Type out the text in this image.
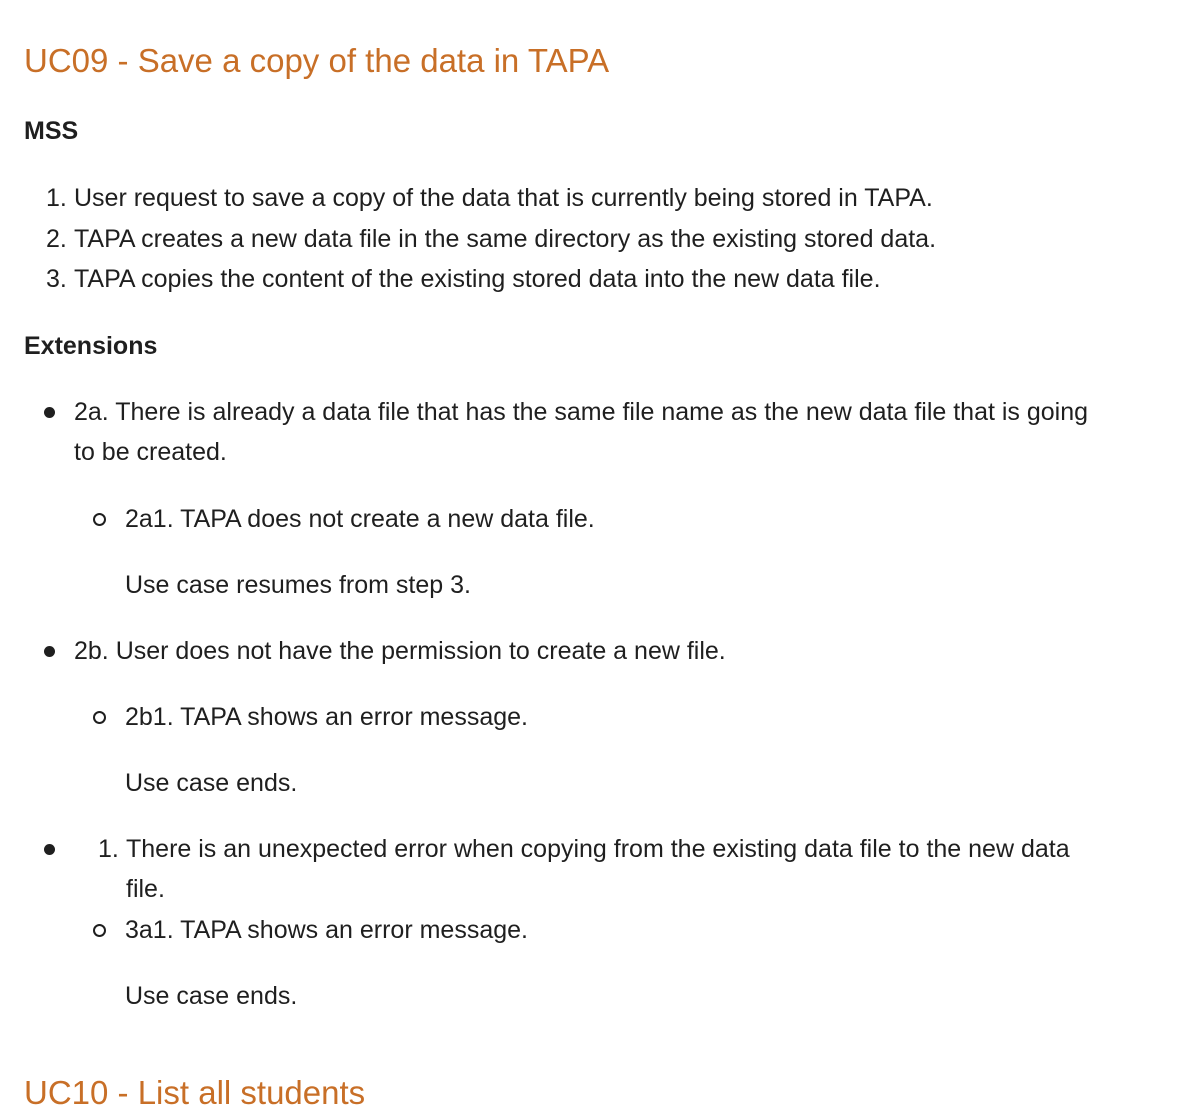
UC09 - Save a copy of the data in TAPA
MSS
1. User request to save a copy of the data that is currently being stored in TAPA.
2. TAPA creates a new data file in the same directory as the existing stored data.
3. TAPA copies the content of the existing stored data into the new data file.
Extensions
2a. There is already a data file that has the same file name as the new data file that is going
to be created.
2a1. TAPA does not create a new data file.
Use case resumes from step 3.
2b. User does not have the permission to create a new file.
2b1. TAPA shows an error message.
Use case ends.
1. There is an unexpected error when copying from the existing data file to the new data
file.
3a1. TAPA shows an error message.
Use case ends.
UC10 - List all students
